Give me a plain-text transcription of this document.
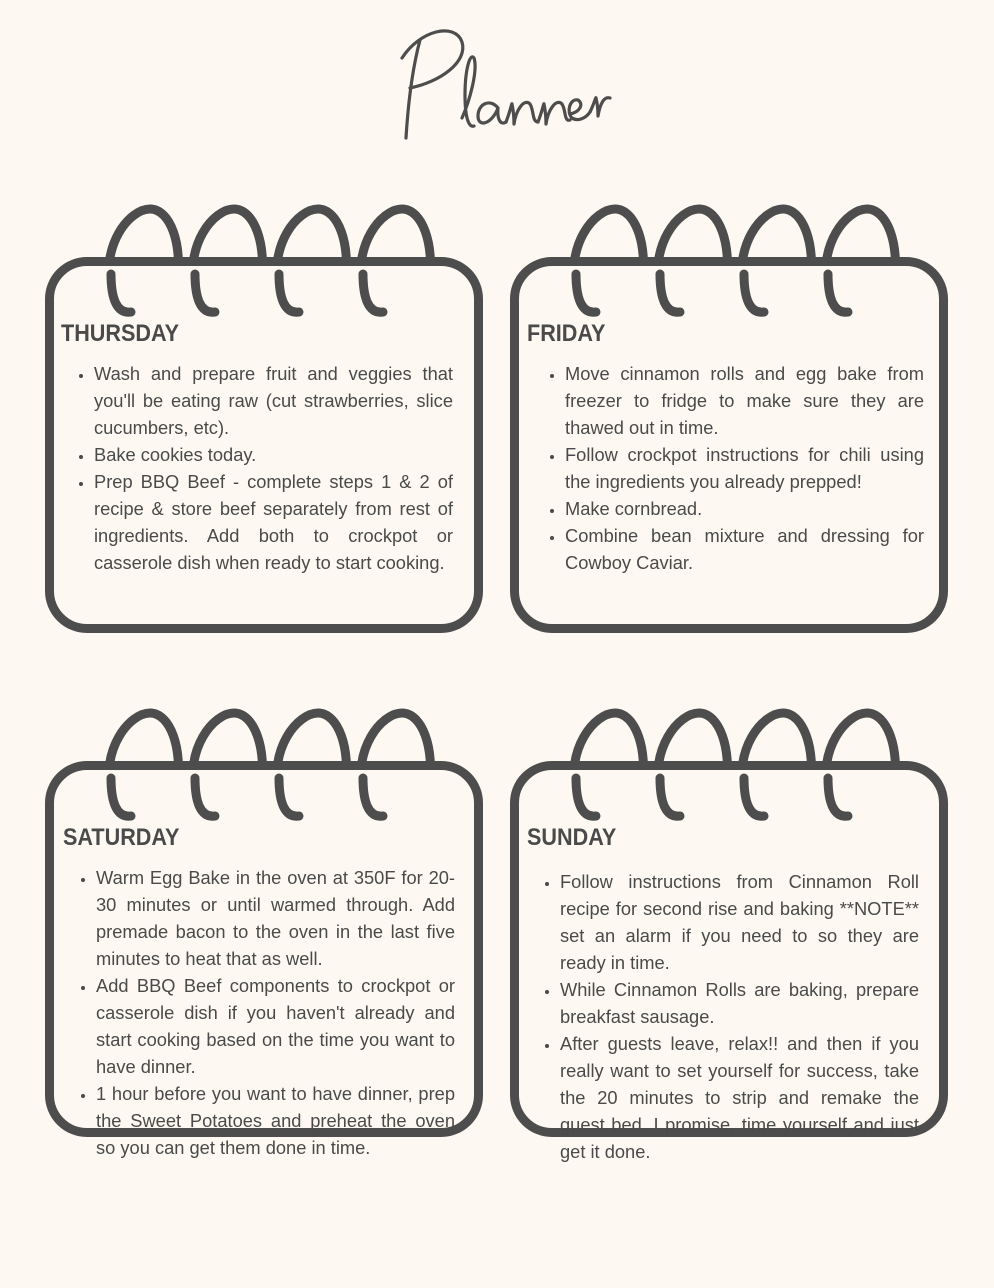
THURSDAY
• Wash and prepare fruit and veggies that you'll be eating raw (cut strawberries, slice cucumbers, etc).
• Bake cookies today.
• Prep BBQ Beef - complete steps 1 & 2 of recipe & store beef separately from rest of ingredients. Add both to crockpot or casserole dish when ready to start cooking.
FRIDAY
• Move cinnamon rolls and egg bake from freezer to fridge to make sure they are thawed out in time.
• Follow crockpot instructions for chili using the ingredients you already prepped!
• Make cornbread.
• Combine bean mixture and dressing for Cowboy Caviar.
SATURDAY
• Warm Egg Bake in the oven at 350F for 20-30 minutes or until warmed through. Add premade bacon to the oven in the last five minutes to heat that as well.
• Add BBQ Beef components to crockpot or casserole dish if you haven't already and start cooking based on the time you want to have dinner.
• 1 hour before you want to have dinner, prep the Sweet Potatoes and preheat the oven so you can get them done in time.
SUNDAY
• Follow instructions from Cinnamon Roll recipe for second rise and baking **NOTE** set an alarm if you need to so they are ready in time.
• While Cinnamon Rolls are baking, prepare breakfast sausage.
• After guests leave, relax!! and then if you really want to set yourself for success, take the 20 minutes to strip and remake the guest bed. I promise, time yourself and just get it done.
